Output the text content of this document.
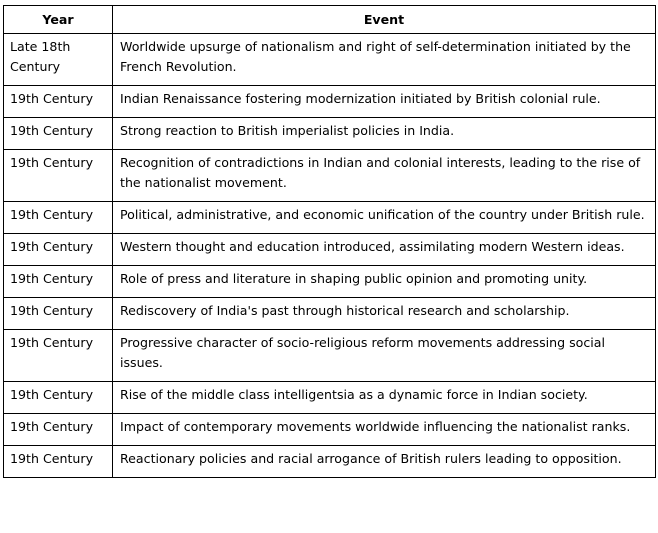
Year	Event
Late 18th Century	Worldwide upsurge of nationalism and right of self-determination initiated by the French Revolution.
19th Century	Indian Renaissance fostering modernization initiated by British colonial rule.
19th Century	Strong reaction to British imperialist policies in India.
19th Century	Recognition of contradictions in Indian and colonial interests, leading to the rise of the nationalist movement.
19th Century	Political, administrative, and economic unification of the country under British rule.
19th Century	Western thought and education introduced, assimilating modern Western ideas.
19th Century	Role of press and literature in shaping public opinion and promoting unity.
19th Century	Rediscovery of India's past through historical research and scholarship.
19th Century	Progressive character of socio-religious reform movements addressing social issues.
19th Century	Rise of the middle class intelligentsia as a dynamic force in Indian society.
19th Century	Impact of contemporary movements worldwide influencing the nationalist ranks.
19th Century	Reactionary policies and racial arrogance of British rulers leading to opposition.
